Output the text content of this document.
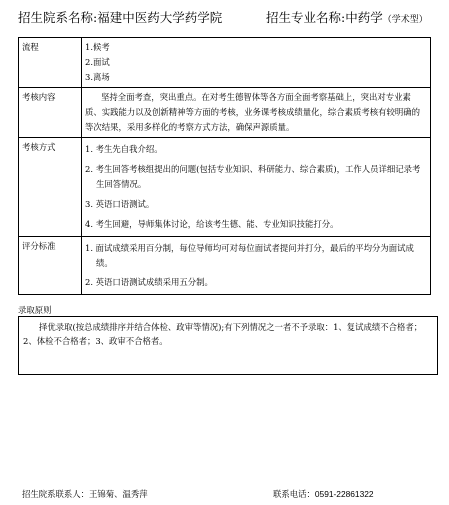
招生院系名称:福建中医药大学药学院	招生专业名称:中药学（学术型）
流程	1.候考
2.面试
3.离场

考核内容	坚持全面考查，突出重点。在对考生德智体等各方面全面考察基础上，突出对专业素质、实践能力以及创新精神等方面的考核，业务课考核成绩量化，综合素质考核有较明确的等次结果，采用多样化的考察方式方法，确保声源质量。

考核方式	1. 考生先自我介绍。
2. 考生回答考核组提出的问题(包括专业知识、科研能力、综合素质)，工作人员详细记录考生回答情况。
3. 英语口语测试。
4. 考生回避，导师集体讨论，给该考生德、能、专业知识技能打分。

评分标准	1. 面试成绩采用百分制，每位导师均可对每位面试者提问并打分，最后的平均分为面试成绩。
2. 英语口语测试成绩采用五分制。
录取原则

择优录取(按总成绩排序并结合体检、政审等情况);有下列情况之一者不予录取：1、复试成绩不合格者；2、体检不合格者；3、政审不合格者。

招生院系联系人：王锦菊、温秀萍	联系电话：0591-22861322
